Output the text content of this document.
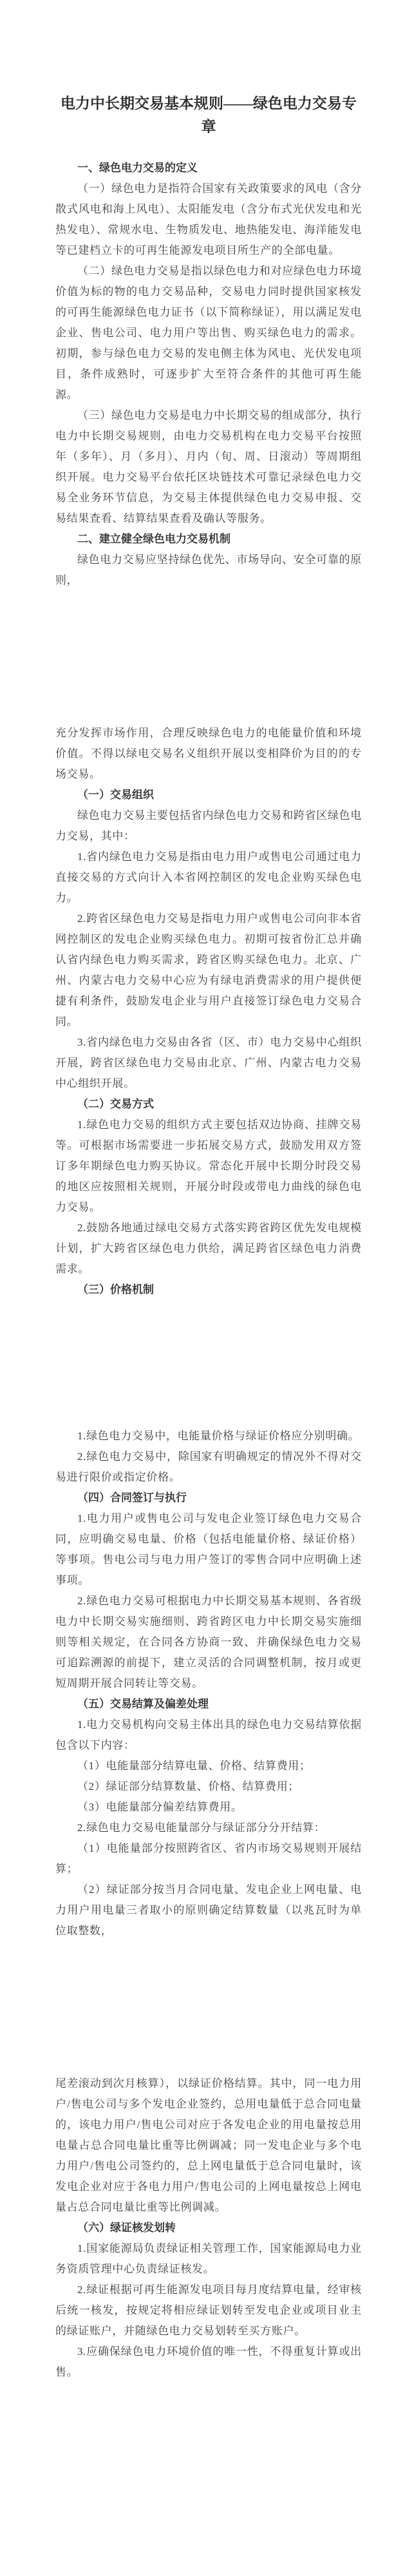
电力中长期交易基本规则——绿色电力交易专章
一、绿色电力交易的定义

（一）绿色电力是指符合国家有关政策要求的风电（含分散式风电和海上风电）、太阳能发电（含分布式光伏发电和光热发电）、常规水电、生物质发电、地热能发电、海洋能发电等已建档立卡的可再生能源发电项目所生产的全部电量。

（二）绿色电力交易是指以绿色电力和对应绿色电力环境价值为标的物的电力交易品种，交易电力同时提供国家核发的可再生能源绿色电力证书（以下简称绿证），用以满足发电企业、售电公司、电力用户等出售、购买绿色电力的需求。初期，参与绿色电力交易的发电侧主体为风电、光伏发电项目，条件成熟时，可逐步扩大至符合条件的其他可再生能源。

（三）绿色电力交易是电力中长期交易的组成部分，执行电力中长期交易规则，由电力交易机构在电力交易平台按照年（多年）、月（多月）、月内（旬、周、日滚动）等周期组织开展。电力交易平台依托区块链技术可靠记录绿色电力交易全业务环节信息，为交易主体提供绿色电力交易申报、交易结果查看、结算结果查看及确认等服务。

二、建立健全绿色电力交易机制

绿色电力交易应坚持绿色优先、市场导向、安全可靠的原则，

充分发挥市场作用，合理反映绿色电力的电能量价值和环境价值。不得以绿电交易名义组织开展以变相降价为目的的专场交易。

（一）交易组织

绿色电力交易主要包括省内绿色电力交易和跨省区绿色电力交易，其中：

1.省内绿色电力交易是指由电力用户或售电公司通过电力直接交易的方式向计入本省网控制区的发电企业购买绿色电力。

2.跨省区绿色电力交易是指电力用户或售电公司向非本省网控制区的发电企业购买绿色电力。初期可按省份汇总并确认省内绿色电力购买需求，跨省区购买绿色电力。北京、广州、内蒙古电力交易中心应为有绿电消费需求的用户提供便捷有利条件，鼓励发电企业与用户直接签订绿色电力交易合同。

3.省内绿色电力交易由各省（区、市）电力交易中心组织开展，跨省区绿色电力交易由北京、广州、内蒙古电力交易中心组织开展。

（二）交易方式

1.绿色电力交易的组织方式主要包括双边协商、挂牌交易等。可根据市场需要进一步拓展交易方式，鼓励发用双方签订多年期绿色电力购买协议。常态化开展中长期分时段交易的地区应按照相关规则，开展分时段或带电力曲线的绿色电力交易。

2.鼓励各地通过绿电交易方式落实跨省跨区优先发电规模计划，扩大跨省区绿色电力供给，满足跨省区绿色电力消费需求。

（三）价格机制

1.绿色电力交易中，电能量价格与绿证价格应分别明确。

2.绿色电力交易中，除国家有明确规定的情况外不得对交易进行限价或指定价格。

（四）合同签订与执行

1.电力用户或售电公司与发电企业签订绿色电力交易合同，应明确交易电量、价格（包括电能量价格、绿证价格）等事项。售电公司与电力用户签订的零售合同中应明确上述事项。

2.绿色电力交易可根据电力中长期交易基本规则、各省级电力中长期交易实施细则、跨省跨区电力中长期交易实施细则等相关规定，在合同各方协商一致、并确保绿色电力交易可追踪溯源的前提下，建立灵活的合同调整机制，按月或更短周期开展合同转让等交易。

（五）交易结算及偏差处理

1.电力交易机构向交易主体出具的绿色电力交易结算依据包含以下内容：

（1）电能量部分结算电量、价格、结算费用；

（2）绿证部分结算数量、价格、结算费用；

（3）电能量部分偏差结算费用。

2.绿色电力交易电能量部分与绿证部分分开结算：

（1）电能量部分按照跨省区、省内市场交易规则开展结算；

（2）绿证部分按当月合同电量、发电企业上网电量、电力用户用电量三者取小的原则确定结算数量（以兆瓦时为单位取整数，

尾差滚动到次月核算），以绿证价格结算。其中，同一电力用户/售电公司与多个发电企业签约，总用电量低于总合同电量的，该电力用户/售电公司对应于各发电企业的用电量按总用电量占总合同电量比重等比例调减；同一发电企业与多个电力用户/售电公司签约的，总上网电量低于总合同电量时，该发电企业对应于各电力用户/售电公司的上网电量按总上网电量占总合同电量比重等比例调减。

（六）绿证核发划转

1.国家能源局负责绿证相关管理工作，国家能源局电力业务资质管理中心负责绿证核发。

2.绿证根据可再生能源发电项目每月度结算电量，经审核后统一核发，按规定将相应绿证划转至发电企业或项目业主的绿证账户，并随绿色电力交易划转至买方账户。

3.应确保绿色电力环境价值的唯一性，不得重复计算或出售。
